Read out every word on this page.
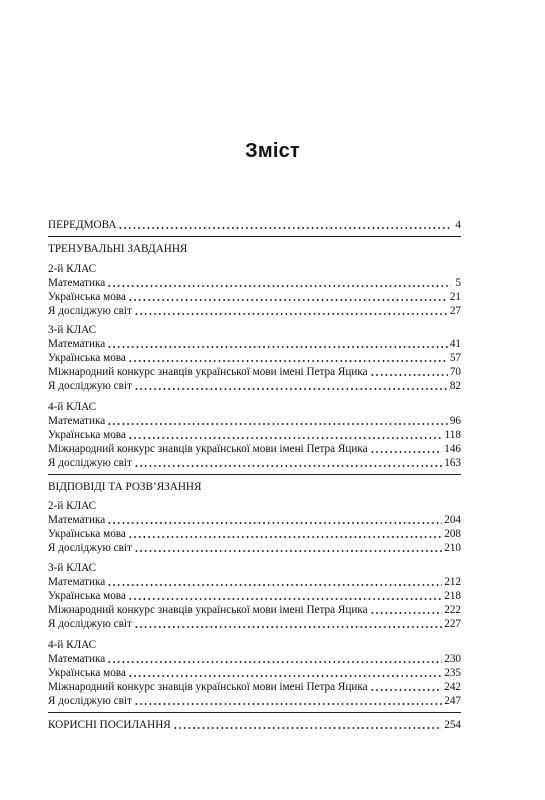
Зміст
ПЕРЕДМОВА	4
ТРЕНУВАЛЬНІ ЗАВДАННЯ
2-й КЛАС
Математика	5
Українська мова	21
Я досліджую світ	27
3-й КЛАС
Математика	41
Українська мова	57
Міжнародний конкурс знавців української мови імені Петра Яцика	70
Я досліджую світ	82
4-й КЛАС
Математика	96
Українська мова	118
Міжнародний конкурс знавців української мови імені Петра Яцика	146
Я досліджую світ	163
ВІДПОВІДІ ТА РОЗВ’ЯЗАННЯ
2-й КЛАС
Математика	204
Українська мова	208
Я досліджую світ	210
3-й КЛАС
Математика	212
Українська мова	218
Міжнародний конкурс знавців української мови імені Петра Яцика	222
Я досліджую світ	227
4-й КЛАС
Математика	230
Українська мова	235
Міжнародний конкурс знавців української мови імені Петра Яцика	242
Я досліджую світ	247
КОРИСНІ ПОСИЛАННЯ	254
